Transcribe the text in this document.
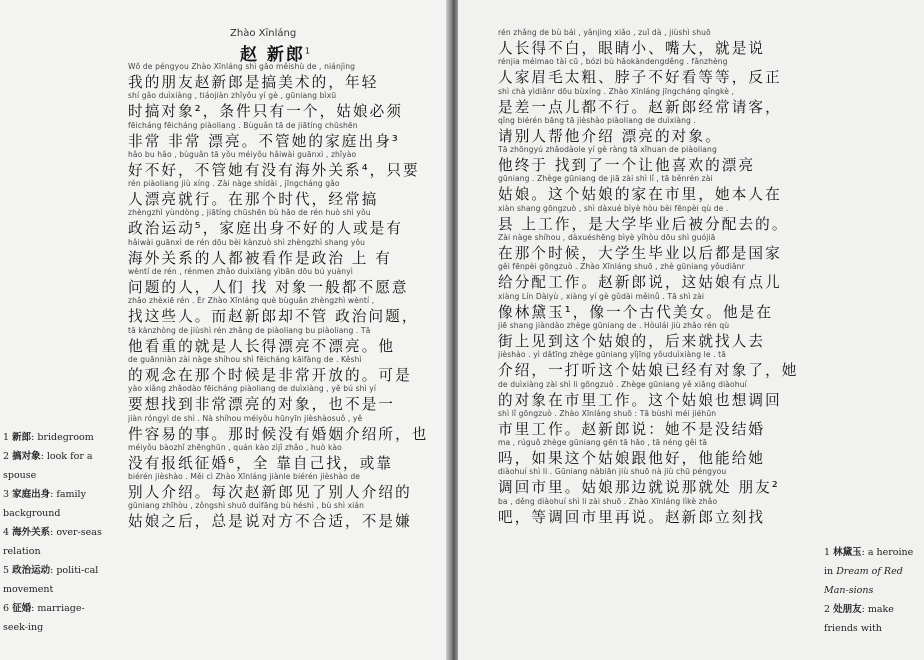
Zhào Xīnláng
赵 新郎$^1$
Wǒ de péngyou Zhào Xīnláng shì gǎo měishù de , niánjìng
我的朋友赵新郎是搞美术的，年轻
shí gǎo duìxiàng , tiáojiàn zhǐyǒu yí gè , gūniang bìxū
时搞对象²，条件只有一个，姑娘必须
fēicháng fēicháng piàoliang . Bùguǎn tā de jiātíng chūshēn
非常 非常 漂亮。不管她的家庭出身³
hǎo bu hǎo , bùguǎn tā yǒu méiyǒu hǎiwài guānxì , zhǐyào
好不好，不管她有没有海外关系⁴，只要
rén piàoliang jiù xíng . Zài nàge shídài , jīngcháng gǎo
人漂亮就行。在那个时代，经常搞
zhèngzhì yùndòng , jiātíng chūshēn bù hǎo de rén huò shì yǒu
政治运动⁵，家庭出身不好的人或是有
hǎiwài guānxì de rén dōu bèi kànzuò shì zhèngzhì shang yǒu
海外关系的人都被看作是政治 上 有
wèntí de rén , rénmen zhǎo duìxiàng yìbān dōu bú yuànyì
问题的人，人们 找 对象一般都不愿意
zhǎo zhèxiē rén . Ér Zhào Xīnláng què bùguǎn zhèngzhì wèntí ,
找这些人。而赵新郎却不管 政治问题，
tā kànzhòng de jiùshì rén zhǎng de piàoliang bu piàoliang . Tā
他看重的就是人长得漂亮不漂亮。他
de guānniàn zài nàge shíhou shì fēicháng kāifàng de . Kěshì
的观念在那个时候是非常开放的。可是
yào xiǎng zhǎodào fēicháng piàoliang de duìxiàng , yě bú shì yí
要想找到非常漂亮的对象，也不是一
jiàn róngyì de shì . Nà shíhou méiyǒu hūnyīn jièshàosuǒ , yě
件容易的事。那时候没有婚姻介绍所，也
méiyǒu bàozhǐ zhēnghūn , quán kào zìjǐ zhǎo , huò kào
没有报纸征婚⁶，全 靠自己找，或靠
biérén jièshào . Měi cì Zhào Xīnláng jiànle biérén jièshào de
别人介绍。每次赵新郎见了别人介绍的
gūniang zhīhòu , zǒngshì shuō duìfāng bù héshì , bù shì xián
姑娘之后，总是说对方不合适，不是嫌
1 新郎: bridegroom
2 搞对象: look for a spouse
3 家庭出身: family background
4 海外关系: over-seas relation
5 政治运动: politi-cal movement
6 征婚: marriage-seek-ing
rén zhǎng de bù bái , yǎnjing xiǎo , zuǐ dà , jiùshì shuō
人长得不白，眼睛小、嘴大，就是说
rénjia méimao tài cū , bózi bù hǎokàndengděng . fǎnzhèng
人家眉毛太粗、脖子不好看等等，反正
shì chà yìdiǎnr dōu bùxíng . Zhào Xīnláng jīngcháng qǐngkè ,
是差一点儿都不行。赵新郎经常请客，
qǐng biérén bāng tā jièshào piàoliang de duìxiàng .
请别人帮他介绍 漂亮的对象。
Tā zhōngyú zhǎodàole yí gè ràng tā xǐhuan de piàoliang
他终于 找到了一个让他喜欢的漂亮
gūniang . Zhège gūniang de jiā zài shì lǐ , tā běnrén zài
姑娘。这个姑娘的家在市里，她本人在
xiàn shang gōngzuò , shì dàxué bìyè hòu bèi fēnpèi qù de .
县 上工作，是大学毕业后被分配去的。
Zài nàge shíhou , dàxuéshēng bìyè yǐhòu dōu shì guójiā
在那个时候，大学生毕业以后都是国家
gěi fēnpèi gōngzuò . Zhào Xīnláng shuō , zhè gūniang yǒudiǎnr
给分配工作。赵新郎说，这姑娘有点儿
xiàng Lín Dàiyù , xiàng yí gè gǔdài měinǚ . Tā shì zài
像林黛玉¹，像一个古代美女。他是在
jiē shang jiàndào zhège gūniang de . Hòulái jiù zhǎo rén qù
街上见到这个姑娘的，后来就找人去
jièshào . yì dǎtīng zhège gūniang yǐjīng yǒuduìxiàng le . tā
介绍，一打听这个姑娘已经有对象了，她
de duìxiàng zài shì li gōngzuò . Zhège gūniang yě xiǎng diàohuí
的对象在市里工作。这个姑娘也想调回
shì lǐ gōngzuò . Zhào Xīnláng shuō : Tā bùshì méi jiéhūn
市里工作。赵新郎说：她不是没结婚
ma , rúguǒ zhège gūniang gēn tā hǎo , tā néng gěi tā
吗，如果这个姑娘跟他好，他能给她
diàohuí shì li . Gūniang nàbiān jiù shuō nà jiù chū péngyou
调回市里。姑娘那边就说那就处 朋友²
ba , děng diàohuí shì li zài shuō . Zhào Xīnláng lìkè zhǎo
吧，等调回市里再说。赵新郎立刻找
1 林黛玉: a heroine in Dream of Red Man-sions
2 处朋友: make friends with
